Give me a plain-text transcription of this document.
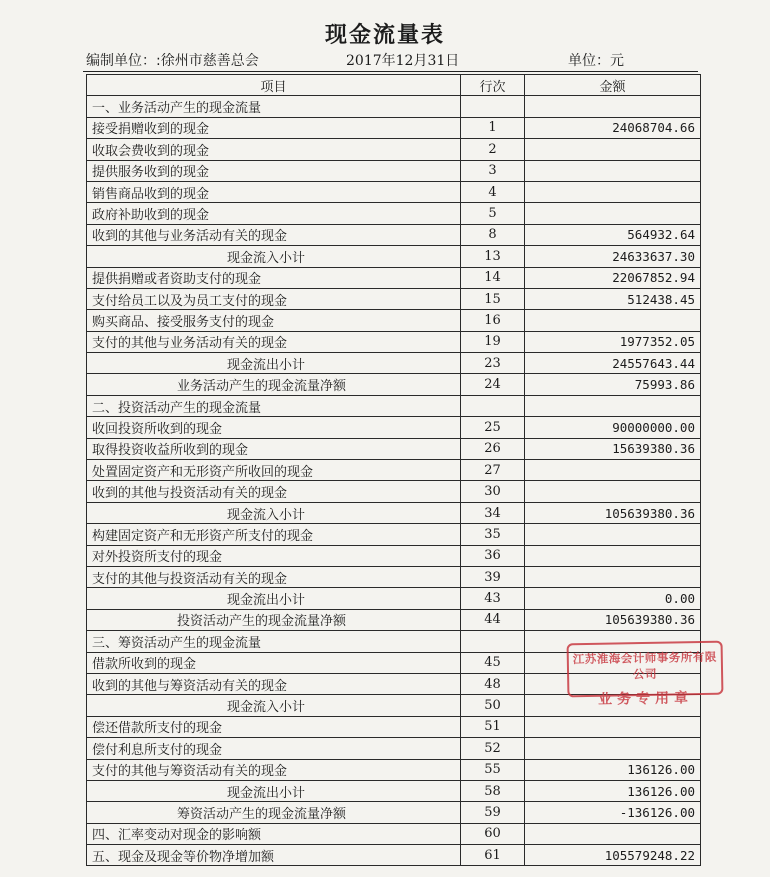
现金流量表
编制单位：:徐州市慈善总会	2017年12月31日	单位：元
项目	行次	金额
一、业务活动产生的现金流量		
接受捐赠收到的现金	1	24068704.66
收取会费收到的现金	2	
提供服务收到的现金	3	
销售商品收到的现金	4	
政府补助收到的现金	5	
收到的其他与业务活动有关的现金	8	564932.64
现金流入小计	13	24633637.30
提供捐赠或者资助支付的现金	14	22067852.94
支付给员工以及为员工支付的现金	15	512438.45
购买商品、接受服务支付的现金	16	
支付的其他与业务活动有关的现金	19	1977352.05
现金流出小计	23	24557643.44
业务活动产生的现金流量净额	24	75993.86
二、投资活动产生的现金流量		
收回投资所收到的现金	25	90000000.00
取得投资收益所收到的现金	26	15639380.36
处置固定资产和无形资产所收回的现金	27	
收到的其他与投资活动有关的现金	30	
现金流入小计	34	105639380.36
构建固定资产和无形资产所支付的现金	35	
对外投资所支付的现金	36	
支付的其他与投资活动有关的现金	39	
现金流出小计	43	0.00
投资活动产生的现金流量净额	44	105639380.36
三、筹资活动产生的现金流量		
借款所收到的现金	45	
收到的其他与筹资活动有关的现金	48	
现金流入小计	50	
偿还借款所支付的现金	51	
偿付利息所支付的现金	52	
支付的其他与筹资活动有关的现金	55	136126.00
现金流出小计	58	136126.00
筹资活动产生的现金流量净额	59	-136126.00
四、汇率变动对现金的影响额	60	
五、现金及现金等价物净增加额	61	105579248.22
江苏淮海会计师事务所有限公司
业务专用章
